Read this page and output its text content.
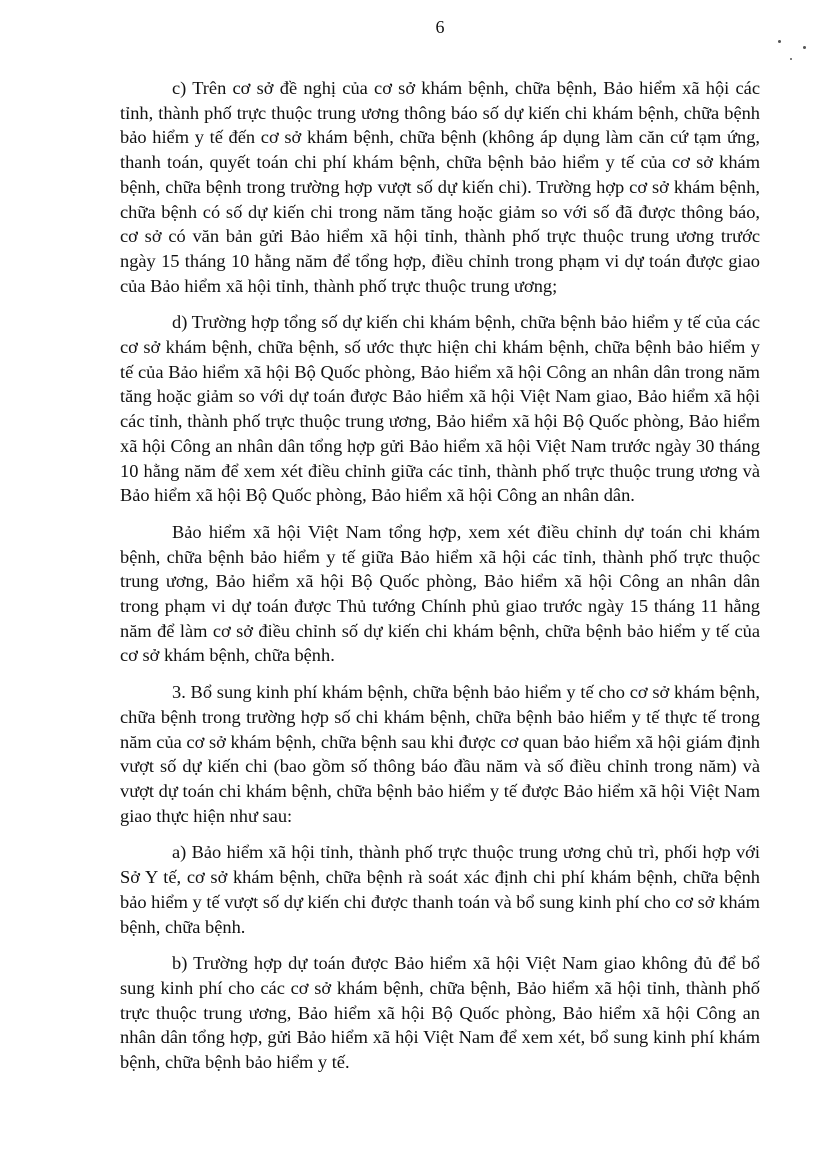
6

c) Trên cơ sở đề nghị của cơ sở khám bệnh, chữa bệnh, Bảo hiểm xã hội các tỉnh, thành phố trực thuộc trung ương thông báo số dự kiến chi khám bệnh, chữa bệnh bảo hiểm y tế đến cơ sở khám bệnh, chữa bệnh (không áp dụng làm căn cứ tạm ứng, thanh toán, quyết toán chi phí khám bệnh, chữa bệnh bảo hiểm y tế của cơ sở khám bệnh, chữa bệnh trong trường hợp vượt số dự kiến chi). Trường hợp cơ sở khám bệnh, chữa bệnh có số dự kiến chi trong năm tăng hoặc giảm so với số đã được thông báo, cơ sở có văn bản gửi Bảo hiểm xã hội tỉnh, thành phố trực thuộc trung ương trước ngày 15 tháng 10 hằng năm để tổng hợp, điều chỉnh trong phạm vi dự toán được giao của Bảo hiểm xã hội tỉnh, thành phố trực thuộc trung ương;

d) Trường hợp tổng số dự kiến chi khám bệnh, chữa bệnh bảo hiểm y tế của các cơ sở khám bệnh, chữa bệnh, số ước thực hiện chi khám bệnh, chữa bệnh bảo hiểm y tế của Bảo hiểm xã hội Bộ Quốc phòng, Bảo hiểm xã hội Công an nhân dân trong năm tăng hoặc giảm so với dự toán được Bảo hiểm xã hội Việt Nam giao, Bảo hiểm xã hội các tỉnh, thành phố trực thuộc trung ương, Bảo hiểm xã hội Bộ Quốc phòng, Bảo hiểm xã hội Công an nhân dân tổng hợp gửi Bảo hiểm xã hội Việt Nam trước ngày 30 tháng 10 hằng năm để xem xét điều chỉnh giữa các tỉnh, thành phố trực thuộc trung ương và Bảo hiểm xã hội Bộ Quốc phòng, Bảo hiểm xã hội Công an nhân dân.

Bảo hiểm xã hội Việt Nam tổng hợp, xem xét điều chỉnh dự toán chi khám bệnh, chữa bệnh bảo hiểm y tế giữa Bảo hiểm xã hội các tỉnh, thành phố trực thuộc trung ương, Bảo hiểm xã hội Bộ Quốc phòng, Bảo hiểm xã hội Công an nhân dân trong phạm vi dự toán được Thủ tướng Chính phủ giao trước ngày 15 tháng 11 hằng năm để làm cơ sở điều chỉnh số dự kiến chi khám bệnh, chữa bệnh bảo hiểm y tế của cơ sở khám bệnh, chữa bệnh.

3. Bổ sung kinh phí khám bệnh, chữa bệnh bảo hiểm y tế cho cơ sở khám bệnh, chữa bệnh trong trường hợp số chi khám bệnh, chữa bệnh bảo hiểm y tế thực tế trong năm của cơ sở khám bệnh, chữa bệnh sau khi được cơ quan bảo hiểm xã hội giám định vượt số dự kiến chi (bao gồm số thông báo đầu năm và số điều chỉnh trong năm) và vượt dự toán chi khám bệnh, chữa bệnh bảo hiểm y tế được Bảo hiểm xã hội Việt Nam giao thực hiện như sau:

a) Bảo hiểm xã hội tỉnh, thành phố trực thuộc trung ương chủ trì, phối hợp với Sở Y tế, cơ sở khám bệnh, chữa bệnh rà soát xác định chi phí khám bệnh, chữa bệnh bảo hiểm y tế vượt số dự kiến chi được thanh toán và bổ sung kinh phí cho cơ sở khám bệnh, chữa bệnh.

b) Trường hợp dự toán được Bảo hiểm xã hội Việt Nam giao không đủ để bổ sung kinh phí cho các cơ sở khám bệnh, chữa bệnh, Bảo hiểm xã hội tỉnh, thành phố trực thuộc trung ương, Bảo hiểm xã hội Bộ Quốc phòng, Bảo hiểm xã hội Công an nhân dân tổng hợp, gửi Bảo hiểm xã hội Việt Nam để xem xét, bổ sung kinh phí khám bệnh, chữa bệnh bảo hiểm y tế.
